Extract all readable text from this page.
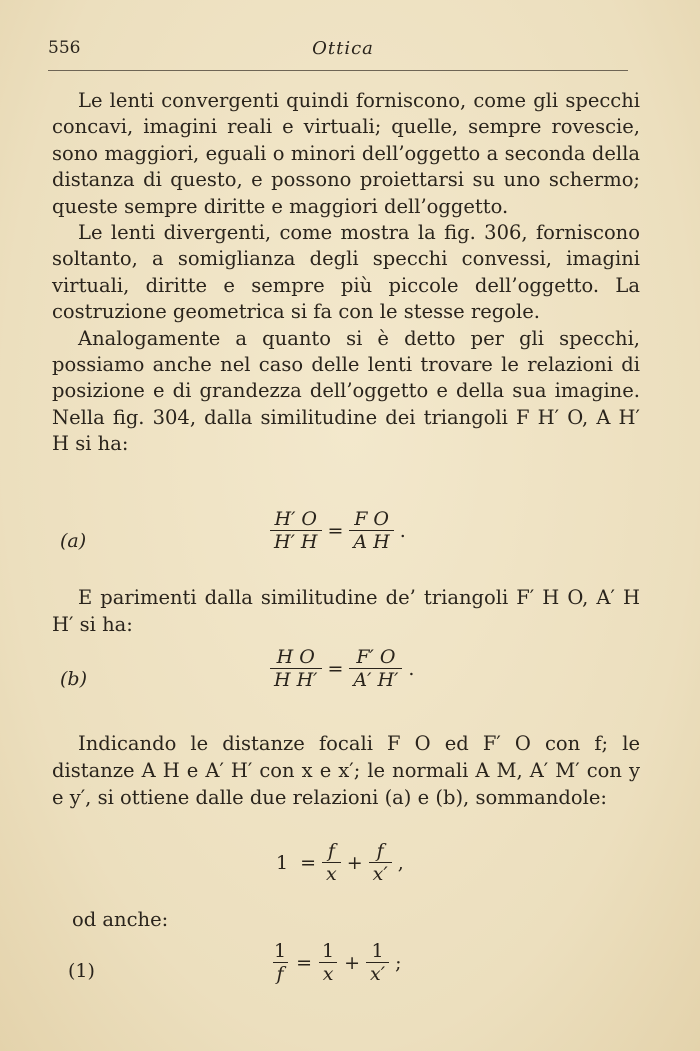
556	Ottica

Le lenti convergenti quindi forniscono, come gli specchi concavi, imagini reali e virtuali; quelle, sempre rovescie, sono maggiori, eguali o minori dell’oggetto a seconda della distanza di questo, e possono proiettarsi su uno schermo; queste sempre diritte e maggiori dell’oggetto.

Le lenti divergenti, come mostra la fig. 306, forniscono soltanto, a somiglianza degli specchi convessi, imagini virtuali, diritte e sempre più piccole dell’oggetto. La costruzione geometrica si fa con le stesse regole.

Analogamente a quanto si è detto per gli specchi, possiamo anche nel caso delle lenti trovare le relazioni di posizione e di grandezza dell’oggetto e della sua imagine. Nella fig. 304, dalla similitudine dei triangoli F H′ O, A H′ H si ha:

(a)	$\frac{H' O}{H' H} = \frac{\text{F O}}{\text{A H}}$ .

E parimenti dalla similitudine de’ triangoli F′ H O, A′ H H′ si ha:

(b)	$\frac{\text{H O}}{\text{H H′}} = \frac{F' O}{A' H'}$ .

Indicando le distanze focali F O ed F′ O con f; le distanze A H e A′ H′ con x e x′; le normali A M, A′ M′ con y e y′, si ottiene dalle due relazioni (a) e (b), sommandole:

$1 = \frac{f}{x} + \frac{f}{x'}$ ,
od anche:
(1)	$\frac{1}{f} = \frac{1}{x} + \frac{1}{x'}$ ;
